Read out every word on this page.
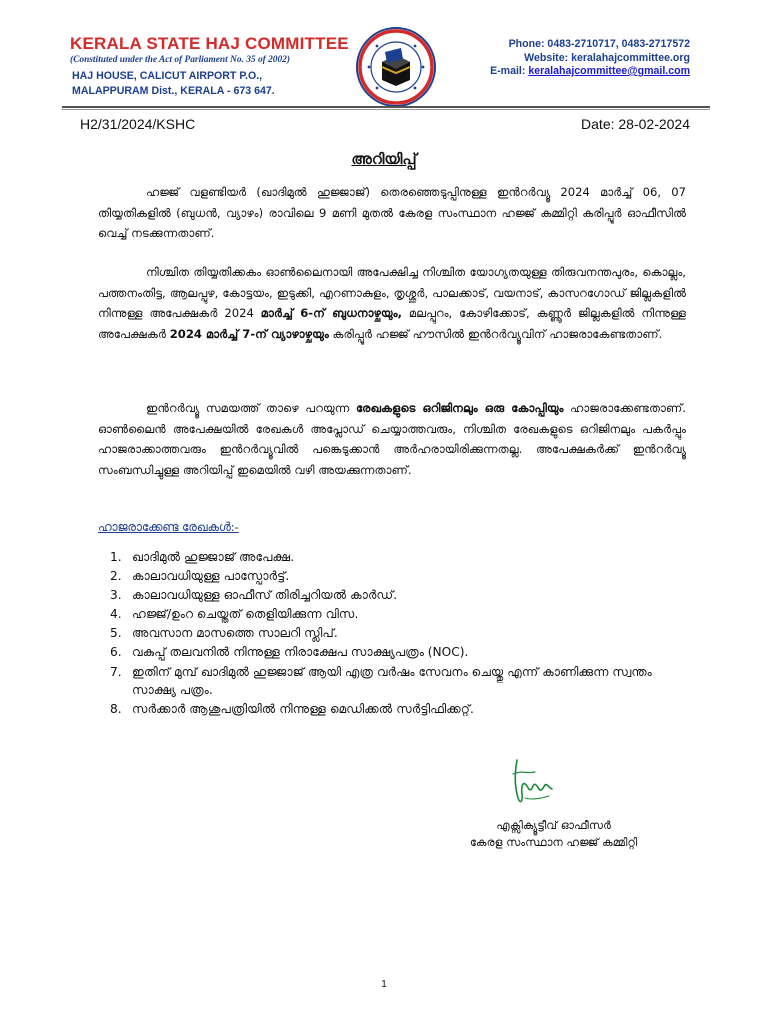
KERALA STATE HAJ COMMITTEE
(Constituted under the Act of Parliament No. 35 of 2002)
HAJ HOUSE, CALICUT AIRPORT P.O.,
MALAPPURAM Dist., KERALA - 673 647.
Phone: 0483-2710717, 0483-2717572
Website: keralahajcommittee.org
E-mail: keralahajcommittee@gmail.com
H2/31/2024/KSHC	Date: 28-02-2024
അറിയിപ്പ്
ഹജ്ജ് വളണ്ടിയർ (ഖാദിമുൽ ഹുജ്ജാജ്) തെരഞ്ഞെടുപ്പിനുള്ള ഇൻറർവ്യൂ 2024 മാർച്ച് 06, 07 തിയ്യതികളിൽ (ബുധൻ, വ്യാഴം) രാവിലെ 9 മണി മുതൽ കേരള സംസ്ഥാന ഹജ്ജ് കമ്മിറ്റി കരിപ്പൂർ ഓഫീസിൽ വെച്ച് നടക്കുന്നതാണ്.
നിശ്ചിത തിയ്യതിക്കകം ഓൺലൈനായി അപേക്ഷിച്ച നിശ്ചിത യോഗ്യതയുള്ള തിരുവനന്തപുരം, കൊല്ലം, പത്തനംതിട്ട, ആലപ്പുഴ, കോട്ടയം, ഇടുക്കി, എറണാകുളം, തൃശ്ശൂർ, പാലക്കാട്, വയനാട്, കാസറഗോഡ് ജില്ലകളിൽ നിന്നുള്ള അപേക്ഷകർ 2024 മാർച്ച് 6-ന് ബുധനാഴ്ചയും, മലപ്പുറം, കോഴിക്കോട്, കണ്ണൂർ ജില്ലകളിൽ നിന്നുള്ള അപേക്ഷകർ 2024 മാർച്ച് 7-ന് വ്യാഴാഴ്ചയും കരിപ്പൂർ ഹജ്ജ് ഹൗസിൽ ഇൻറർവ്യൂവിന് ഹാജരാകേണ്ടതാണ്.
ഇൻറർവ്യൂ സമയത്ത് താഴെ പറയുന്ന രേഖകളുടെ ഒറിജിനലും ഒരു കോപ്പിയും ഹാജരാക്കേണ്ടതാണ്. ഓൺലൈൻ അപേക്ഷയിൽ രേഖകൾ അപ്ലോഡ് ചെയ്യാത്തവരും, നിശ്ചിത രേഖകളുടെ ഒറിജിനലും പകർപ്പും ഹാജരാക്കാത്തവരും ഇൻറർവ്യൂവിൽ പങ്കെടുക്കാൻ അർഹരായിരിക്കുന്നതല്ല. അപേക്ഷകർക്ക് ഇൻറർവ്യൂ സംബന്ധിച്ചുള്ള അറിയിപ്പ് ഇമെയിൽ വഴി അയക്കുന്നതാണ്.
ഹാജരാക്കേണ്ട രേഖകൾ:-
1. ഖാദിമുൽ ഹുജ്ജാജ് അപേക്ഷ.
2. കാലാവധിയുള്ള പാസ്പോർട്ട്.
3. കാലാവധിയുള്ള ഓഫീസ് തിരിച്ചറിയൽ കാർഡ്.
4. ഹജ്ജ്/ഉംറ ചെയ്തത് തെളിയിക്കുന്ന വിസ.
5. അവസാന മാസത്തെ സാലറി സ്ലിപ്.
6. വകുപ്പ് തലവനിൽ നിന്നുള്ള നിരാക്ഷേപ സാക്ഷ്യപത്രം (NOC).
7. ഇതിന് മുമ്പ് ഖാദിമുൽ ഹുജ്ജാജ് ആയി എത്ര വർഷം സേവനം ചെയ്തു എന്ന് കാണിക്കുന്ന സ്വന്തം സാക്ഷ്യ പത്രം.
8. സർക്കാർ ആശുപത്രിയിൽ നിന്നുള്ള മെഡിക്കൽ സർട്ടിഫിക്കറ്റ്.
എക്സിക്യൂട്ടീവ് ഓഫീസർ
കേരള സംസ്ഥാന ഹജ്ജ് കമ്മിറ്റി
1
